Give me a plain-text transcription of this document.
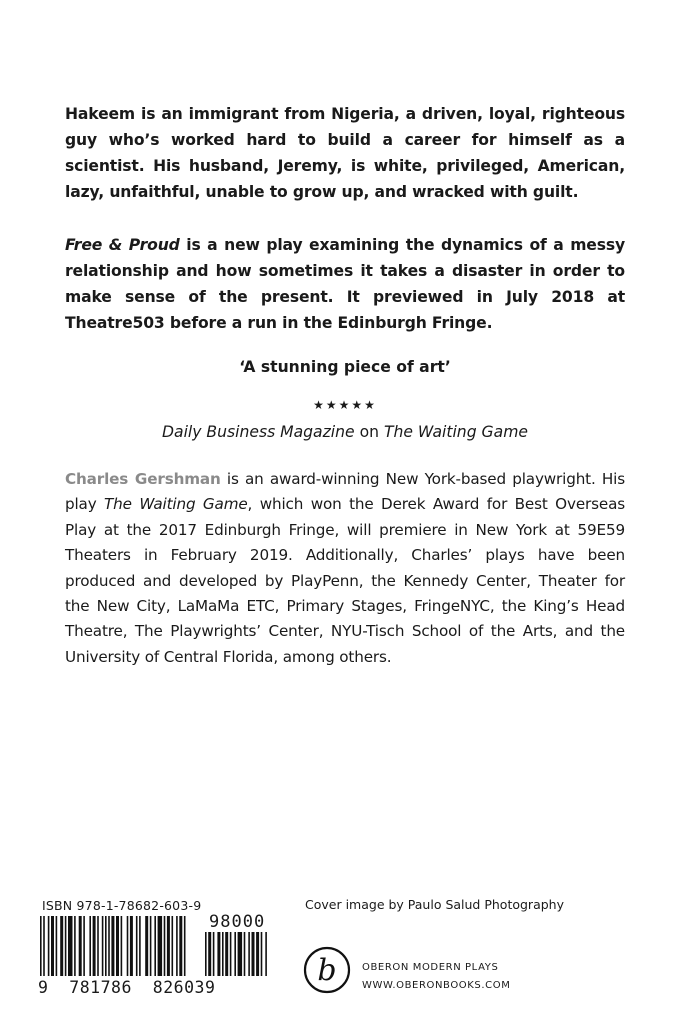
Hakeem is an immigrant from Nigeria, a driven, loyal, righteous guy who’s worked hard to build a career for himself as a scientist. His husband, Jeremy, is white, privileged, American, lazy, unfaithful, unable to grow up, and wracked with guilt.

Free & Proud is a new play examining the dynamics of a messy relationship and how sometimes it takes a disaster in order to make sense of the present. It previewed in July 2018 at Theatre503 before a run in the Edinburgh Fringe.

‘A stunning piece of art’
★★★★★
Daily Business Magazine on The Waiting Game

Charles Gershman is an award-winning New York-based playwright. His play The Waiting Game, which won the Derek Award for Best Overseas Play at the 2017 Edinburgh Fringe, will premiere in New York at 59E59 Theaters in February 2019. Additionally, Charles’ plays have been produced and developed by PlayPenn, the Kennedy Center, Theater for the New City, LaMaMa ETC, Primary Stages, FringeNYC, the King’s Head Theatre, The Playwrights’ Center, NYU-Tisch School of the Arts, and the University of Central Florida, among others.

ISBN 978-1-78682-603-9
98000
9  781786  826039
Cover image by Paulo Salud Photography
b	OBERON MODERN PLAYS
WWW.OBERONBOOKS.COM
